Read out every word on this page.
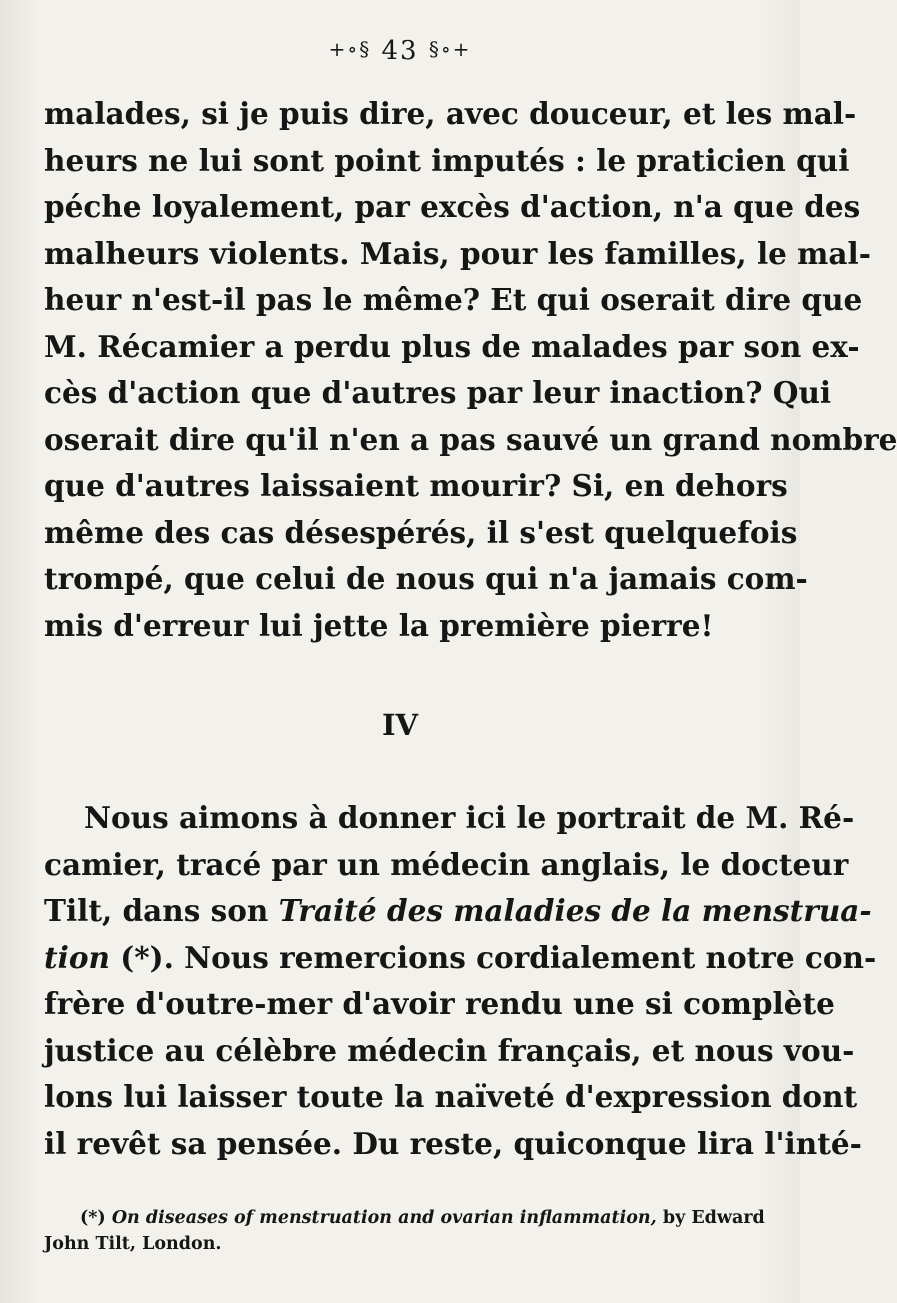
+∘§ 43 §∘+
malades, si je puis dire, avec douceur, et les mal-
heurs ne lui sont point imputés : le praticien qui
péche loyalement, par excès d'action, n'a que des
malheurs violents. Mais, pour les familles, le mal-
heur n'est-il pas le même? Et qui oserait dire que
M. Récamier a perdu plus de malades par son ex-
cès d'action que d'autres par leur inaction? Qui
oserait dire qu'il n'en a pas sauvé un grand nombre
que d'autres laissaient mourir? Si, en dehors
même des cas désespérés, il s'est quelquefois
trompé, que celui de nous qui n'a jamais com-
mis d'erreur lui jette la première pierre!
IV
Nous aimons à donner ici le portrait de M. Ré-
camier, tracé par un médecin anglais, le docteur
Tilt, dans son Traité des maladies de la menstrua-
tion (*). Nous remercions cordialement notre con-
frère d'outre-mer d'avoir rendu une si complète
justice au célèbre médecin français, et nous vou-
lons lui laisser toute la naïveté d'expression dont
il revêt sa pensée. Du reste, quiconque lira l'inté-
(*) On diseases of menstruation and ovarian inflammation, by Edward
John Tilt, London.
